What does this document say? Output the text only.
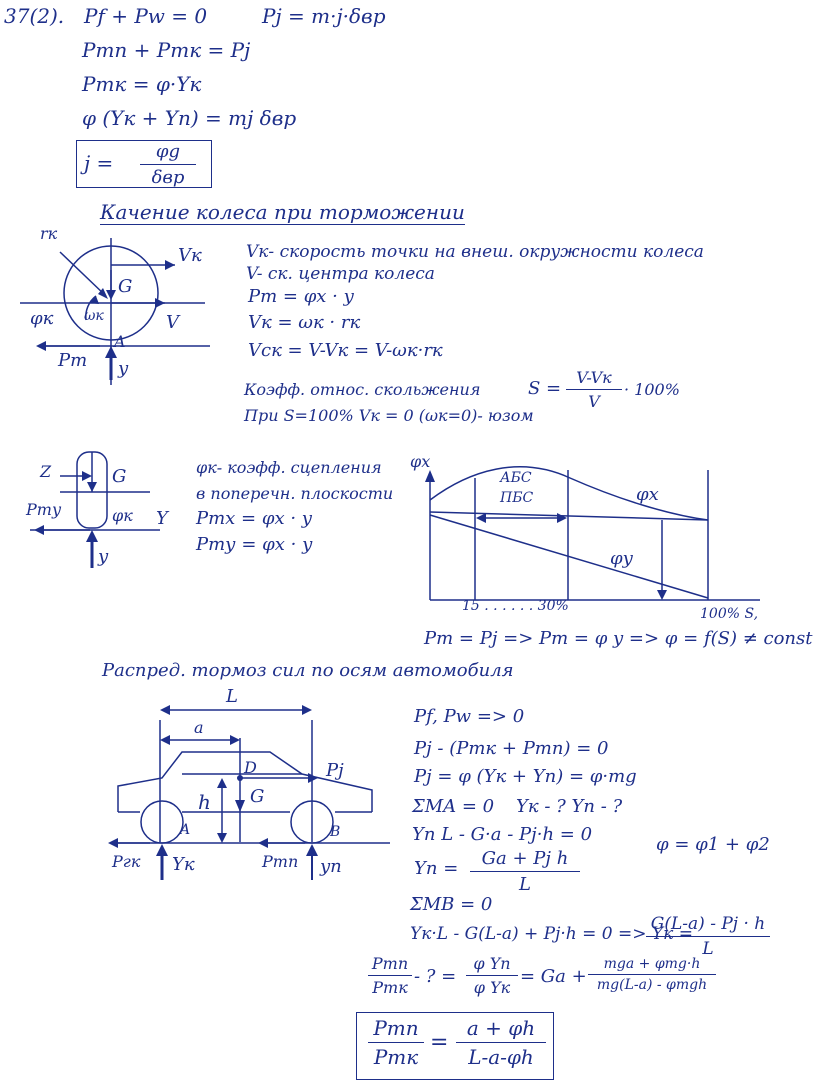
37(2). Pf + Pw = 0	Pj = m·j·δвр
Pтп + Pтк = Pj
Pтк = φ·Yк
φ (Yк + Yп) = mj δвр
j = φg
δвр
Качение колеса при торможении
rк
Vк
G
φк ωк	V
A
Pт y
Vк- скорость точки на внеш. окружности колеса
V- ск. центра колеса
Pт = φx · y
Vк = ωк · rк
Vск = V-Vк = V-ωк·rк
Коэфф. относ. скольжения	S =
V-Vк
V
· 100%
При S=100% Vк = 0 (ωк=0)- юзом
Z	G
Pту	φк Y
y
φк- коэфф. сцепления
в поперечн. плоскости
Pтх = φx · y
Pту = φx · y
φx
АБС
ПБС	φx
φy
15 . . . . . . 30%	100% S,
Pт = Pj => Pт = φ y => φ = f(S) ≠ const
Распред. тормоз сил по осям автомобиля
L
a
D	Pj
h G
A	B
Pгк Yк	Pтп yп
Pf, Pw => 0
Pj - (Pтк + Pтп) = 0
Pj = φ (Yк + Yп) = φ·mg
ΣMA = 0 Yк - ? Yп - ?
Yп L - G·a - Pj·h = 0	φ = φ1 + φ2
Yп = Ga + Pj h
L
ΣMB = 0
Yк·L - G(L-a) + Pj·h = 0 => Yк =
G(L-a) - Pj · h
L
Pтп
Pтк
- ? =
φ Yп
φ Yк
= Ga +
mga + φmg·h
mg(L-a) - φmgh
Pтп
Pтк
=
a + φh
L-a-φh
